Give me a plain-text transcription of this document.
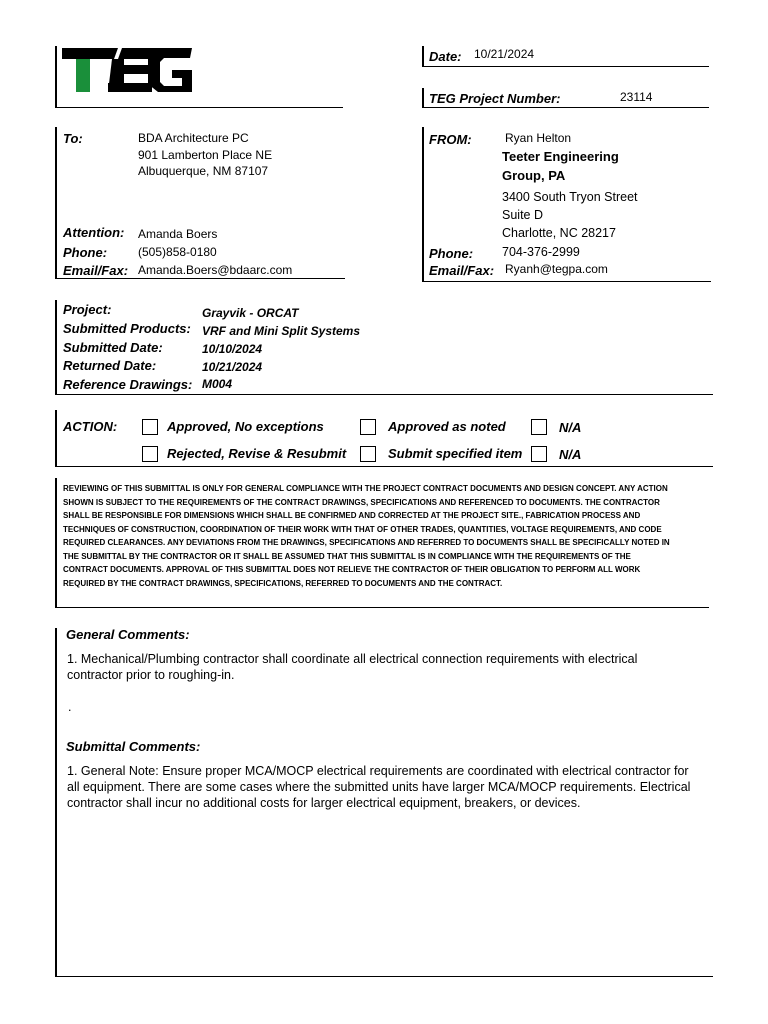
Date: 10/21/2024
TEG Project Number:	23114
To:	BDA Architecture PC
901 Lamberton Place NE
Albuquerque, NM 87107
Attention: Amanda Boers
Phone:	(505)858-0180
Email/Fax: Amanda.Boers@bdaarc.com
FROM:	Ryan Helton
Teeter Engineering
Group, PA
3400 South Tryon Street
Suite D
Charlotte, NC 28217
Phone: 704-376-2999
Email/Fax: Ryanh@tegpa.com
Project:	Grayvik - ORCAT
Submitted Products: VRF and Mini Split Systems
Submitted Date:	10/10/2024
Returned Date:	10/21/2024
Reference Drawings: M004
ACTION:	Approved, No exceptions	Approved as noted	N/A
Rejected, Revise & Resubmit	Submit specified item	N/A
REVIEWING OF THIS SUBMITTAL IS ONLY FOR GENERAL COMPLIANCE WITH THE PROJECT CONTRACT DOCUMENTS AND DESIGN CONCEPT. ANY ACTION
SHOWN IS SUBJECT TO THE REQUIREMENTS OF THE CONTRACT DRAWINGS, SPECIFICATIONS AND REFERENCED TO DOCUMENTS. THE CONTRACTOR
SHALL BE RESPONSIBLE FOR DIMENSIONS WHICH SHALL BE CONFIRMED AND CORRECTED AT THE PROJECT SITE., FABRICATION PROCESS AND
TECHNIQUES OF CONSTRUCTION, COORDINATION OF THEIR WORK WITH THAT OF OTHER TRADES, QUANTITIES, VOLTAGE REQUIREMENTS, AND CODE
REQUIRED CLEARANCES. ANY DEVIATIONS FROM THE DRAWINGS, SPECIFICATIONS AND REFERRED TO DOCUMENTS SHALL BE SPECIFICALLY NOTED IN
THE SUBMITTAL BY THE CONTRACTOR OR IT SHALL BE ASSUMED THAT THIS SUBMITTAL IS IN COMPLIANCE WITH THE REQUIREMENTS OF THE
CONTRACT DOCUMENTS. APPROVAL OF THIS SUBMITTAL DOES NOT RELIEVE THE CONTRACTOR OF THEIR OBLIGATION TO PERFORM ALL WORK
REQUIRED BY THE CONTRACT DRAWINGS, SPECIFICATIONS, REFERRED TO DOCUMENTS AND THE CONTRACT.
General Comments:
1. Mechanical/Plumbing contractor shall coordinate all electrical connection requirements with electrical
contractor prior to roughing-in.
.
Submittal Comments:
1. General Note: Ensure proper MCA/MOCP electrical requirements are coordinated with electrical contractor for
all equipment. There are some cases where the submitted units have larger MCA/MOCP requirements. Electrical
contractor shall incur no additional costs for larger electrical equipment, breakers, or devices.
